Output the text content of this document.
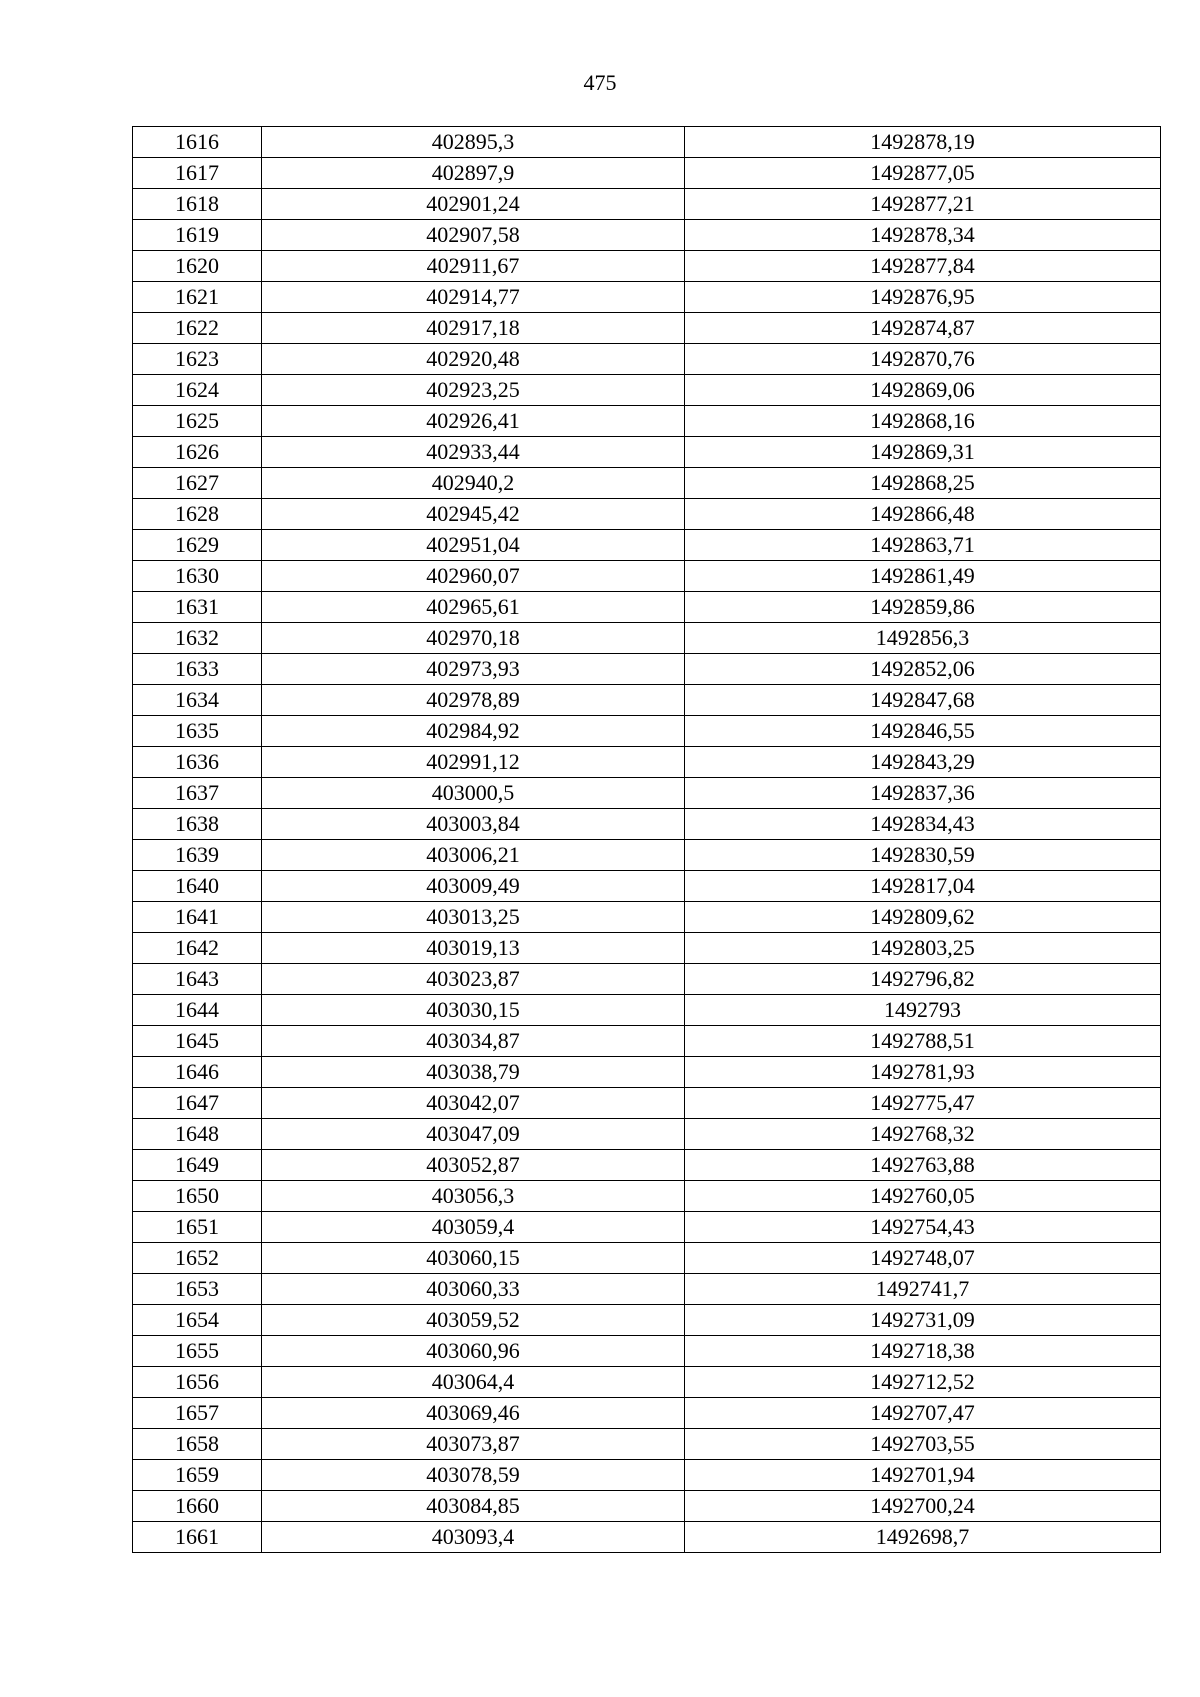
475
1616	402895,3	1492878,19
1617	402897,9	1492877,05
1618	402901,24	1492877,21
1619	402907,58	1492878,34
1620	402911,67	1492877,84
1621	402914,77	1492876,95
1622	402917,18	1492874,87
1623	402920,48	1492870,76
1624	402923,25	1492869,06
1625	402926,41	1492868,16
1626	402933,44	1492869,31
1627	402940,2	1492868,25
1628	402945,42	1492866,48
1629	402951,04	1492863,71
1630	402960,07	1492861,49
1631	402965,61	1492859,86
1632	402970,18	1492856,3
1633	402973,93	1492852,06
1634	402978,89	1492847,68
1635	402984,92	1492846,55
1636	402991,12	1492843,29
1637	403000,5	1492837,36
1638	403003,84	1492834,43
1639	403006,21	1492830,59
1640	403009,49	1492817,04
1641	403013,25	1492809,62
1642	403019,13	1492803,25
1643	403023,87	1492796,82
1644	403030,15	1492793
1645	403034,87	1492788,51
1646	403038,79	1492781,93
1647	403042,07	1492775,47
1648	403047,09	1492768,32
1649	403052,87	1492763,88
1650	403056,3	1492760,05
1651	403059,4	1492754,43
1652	403060,15	1492748,07
1653	403060,33	1492741,7
1654	403059,52	1492731,09
1655	403060,96	1492718,38
1656	403064,4	1492712,52
1657	403069,46	1492707,47
1658	403073,87	1492703,55
1659	403078,59	1492701,94
1660	403084,85	1492700,24
1661	403093,4	1492698,7
